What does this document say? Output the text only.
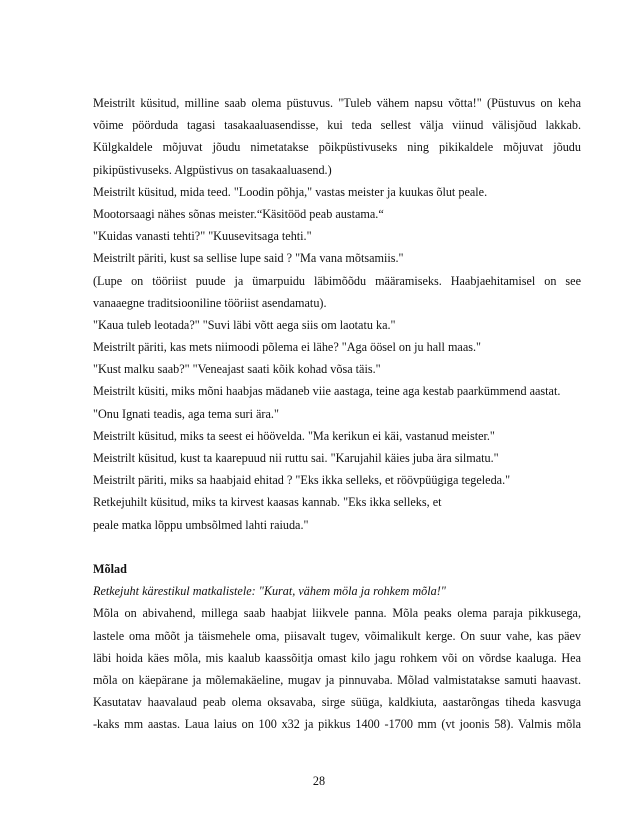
Meistrilt küsitud, milline saab olema püstuvus. "Tuleb vähem napsu võtta!" (Püstuvus on keha
võime pöörduda tagasi tasakaaluasendisse, kui teda sellest välja viinud välisjõud lakkab.
Külgkaldele mõjuvat jõudu nimetatakse põikpüstivuseks ning pikikaldele mõjuvat jõudu
pikipüstivuseks. Algpüstivus on tasakaaluasend.)
Meistrilt küsitud, mida teed. "Loodin põhja," vastas meister ja kuukas õlut peale.
Mootorsaagi nähes sõnas meister.“Käsitööd peab austama.“
"Kuidas vanasti tehti?" "Kuusevitsaga tehti."
Meistrilt päriti, kust sa sellise lupe said ? "Ma vana mõtsamiis."
(Lupe on tööriist puude ja ümarpuidu läbimõõdu määramiseks. Haabjaehitamisel on see
vanaaegne traditsiooniline tööriist asendamatu).
"Kaua tuleb leotada?" "Suvi läbi võtt aega siis om laotatu ka."
Meistrilt päriti, kas mets niimoodi põlema ei lähe? "Aga öösel on ju hall maas."
"Kust malku saab?" "Veneajast saati kõik kohad võsa täis."
Meistrilt küsiti, miks mõni haabjas mädaneb viie aastaga, teine aga kestab paarkümmend aastat.
"Onu Ignati teadis, aga tema suri ära."
Meistrilt küsitud, miks ta seest ei höövelda. "Ma kerikun ei käi, vastanud meister."
Meistrilt küsitud, kust ta kaarepuud nii ruttu sai. "Karujahil käies juba ära silmatu."
Meistrilt päriti, miks sa haabjaid ehitad ? "Eks ikka selleks, et röövpüügiga tegeleda."
Retkejuhilt küsitud, miks ta kirvest kaasas kannab. "Eks ikka selleks, et
peale matka lõppu umbsõlmed lahti raiuda."
Mõlad
Retkejuht kärestikul matkalistele: "Kurat, vähem möla ja rohkem mõla!"
Mõla on abivahend, millega saab haabjat liikvele panna. Mõla peaks olema paraja pikkusega,
lastele oma mõõt ja täismehele oma, piisavalt tugev, võimalikult kerge. On suur vahe, kas päev
läbi hoida käes mõla, mis kaalub kaassõitja omast kilo jagu rohkem või on võrdse kaaluga. Hea
mõla on käepärane ja mõlemakäeline, mugav ja pinnuvaba. Mõlad valmistatakse samuti haavast.
Kasutatav haavalaud peab olema oksavaba, sirge süüga, kaldkiuta, aastarõngas tiheda kasvuga
-kaks mm aastas. Laua laius on 100 x32 ja pikkus 1400 -1700 mm (vt joonis 58). Valmis mõla
28
